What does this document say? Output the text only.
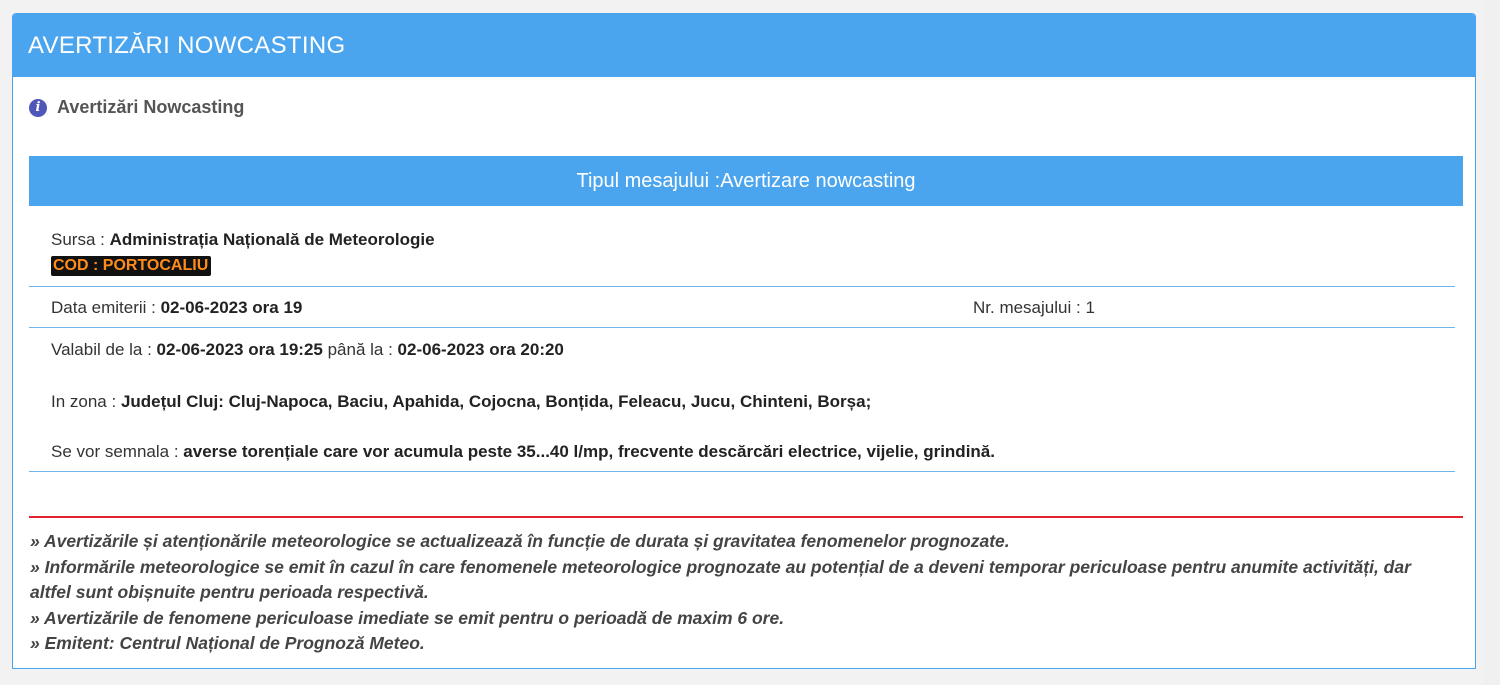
AVERTIZĂRI NOWCASTING
i Avertizări Nowcasting
Tipul mesajului : Avertizare nowcasting
Sursa : Administrația Națională de Meteorologie
COD : PORTOCALIU
Data emiterii : 02-06-2023 ora 19	Nr. mesajului : 1
Valabil de la : 02-06-2023 ora 19:25 până la : 02-06-2023 ora 20:20
In zona : Județul Cluj: Cluj-Napoca, Baciu, Apahida, Cojocna, Bonțida, Feleacu, Jucu, Chinteni, Borșa;
Se vor semnala : averse torențiale care vor acumula peste 35...40 l/mp, frecvente descărcări electrice, vijelie, grindină.
» Avertizările și atenționările meteorologice se actualizează în funcție de durata și gravitatea fenomenelor prognozate.
» Informările meteorologice se emit în cazul în care fenomenele meteorologice prognozate au potențial de a deveni temporar periculoase pentru anumite activități, dar altfel sunt obișnuite pentru perioada respectivă.
» Avertizările de fenomene periculoase imediate se emit pentru o perioadă de maxim 6 ore.
» Emitent: Centrul Național de Prognoză Meteo.
